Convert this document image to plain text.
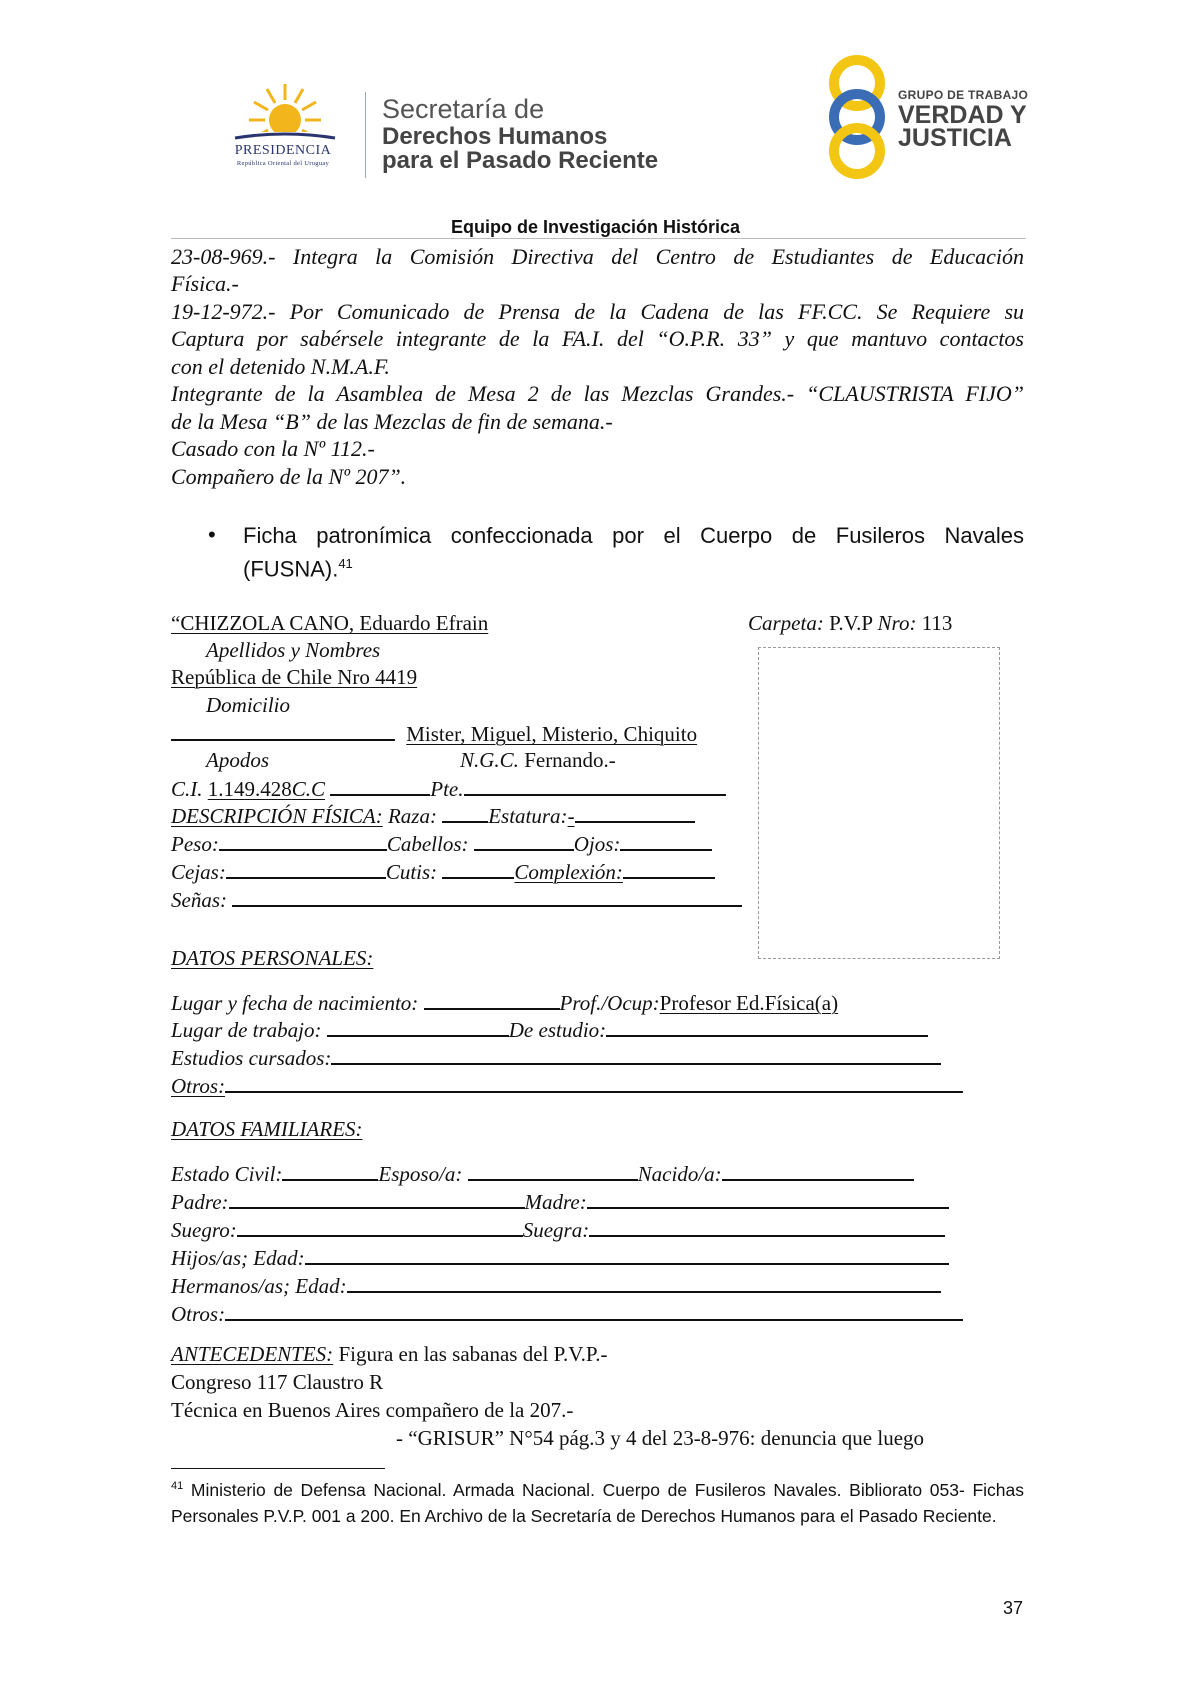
PRESIDENCIA
República Oriental del Uruguay
Secretaría de
Derechos Humanos
para el Pasado Reciente
GRUPO DE TRABAJO
VERDAD Y
JUSTICIA
Equipo de Investigación Histórica
23-08-969.- Integra la Comisión Directiva del Centro de Estudiantes de Educación
Física.-
19-12-972.- Por Comunicado de Prensa de la Cadena de las FF.CC. Se Requiere su
Captura por sabérsele integrante de la FA.I. del “O.P.R. 33” y que mantuvo contactos
con el detenido N.M.A.F.
Integrante de la Asamblea de Mesa 2 de las Mezclas Grandes.- “CLAUSTRISTA FIJO”
de la Mesa “B” de las Mezclas de fin de semana.-
Casado con la Nº 112.-
Compañero de la Nº 207”.
• Ficha patronímica confeccionada por el Cuerpo de Fusileros Navales (FUSNA).$^{41}$
“CHIZZOLA CANO, Eduardo Efrain	Carpeta: P.V.P Nro: 113
Apellidos y Nombres
República de Chile Nro 4419
Domicilio
Mister, Miguel, Misterio, Chiquito
Apodos	N.G.C. Fernando.-
C.I. 1.149.428C.C	Pte.
DESCRIPCIÓN FÍSICA: Raza: Estatura:-
Peso:	Cabellos:	Ojos:
Cejas:	Cutis:	Complexión:
Señas:
DATOS PERSONALES:
Lugar y fecha de nacimiento:	Prof./Ocup:Profesor Ed.Física(a)
Lugar de trabajo:	De estudio:
Estudios cursados:
Otros:
DATOS FAMILIARES:
Estado Civil:	Esposo/a:	Nacido/a:
Padre:	Madre:
Suegro:	Suegra:
Hijos/as; Edad:
Hermanos/as; Edad:
Otros:
ANTECEDENTES: Figura en las sabanas del P.V.P.-
Congreso 117 Claustro R
Técnica en Buenos Aires compañero de la 207.-
- “GRISUR” N°54 pág.3 y 4 del 23-8-976: denuncia que luego
$^{41}$ Ministerio de Defensa Nacional. Armada Nacional. Cuerpo de Fusileros Navales. Bibliorato 053- Fichas Personales P.V.P. 001 a 200. En Archivo de la Secretaría de Derechos Humanos para el Pasado Reciente.
37
